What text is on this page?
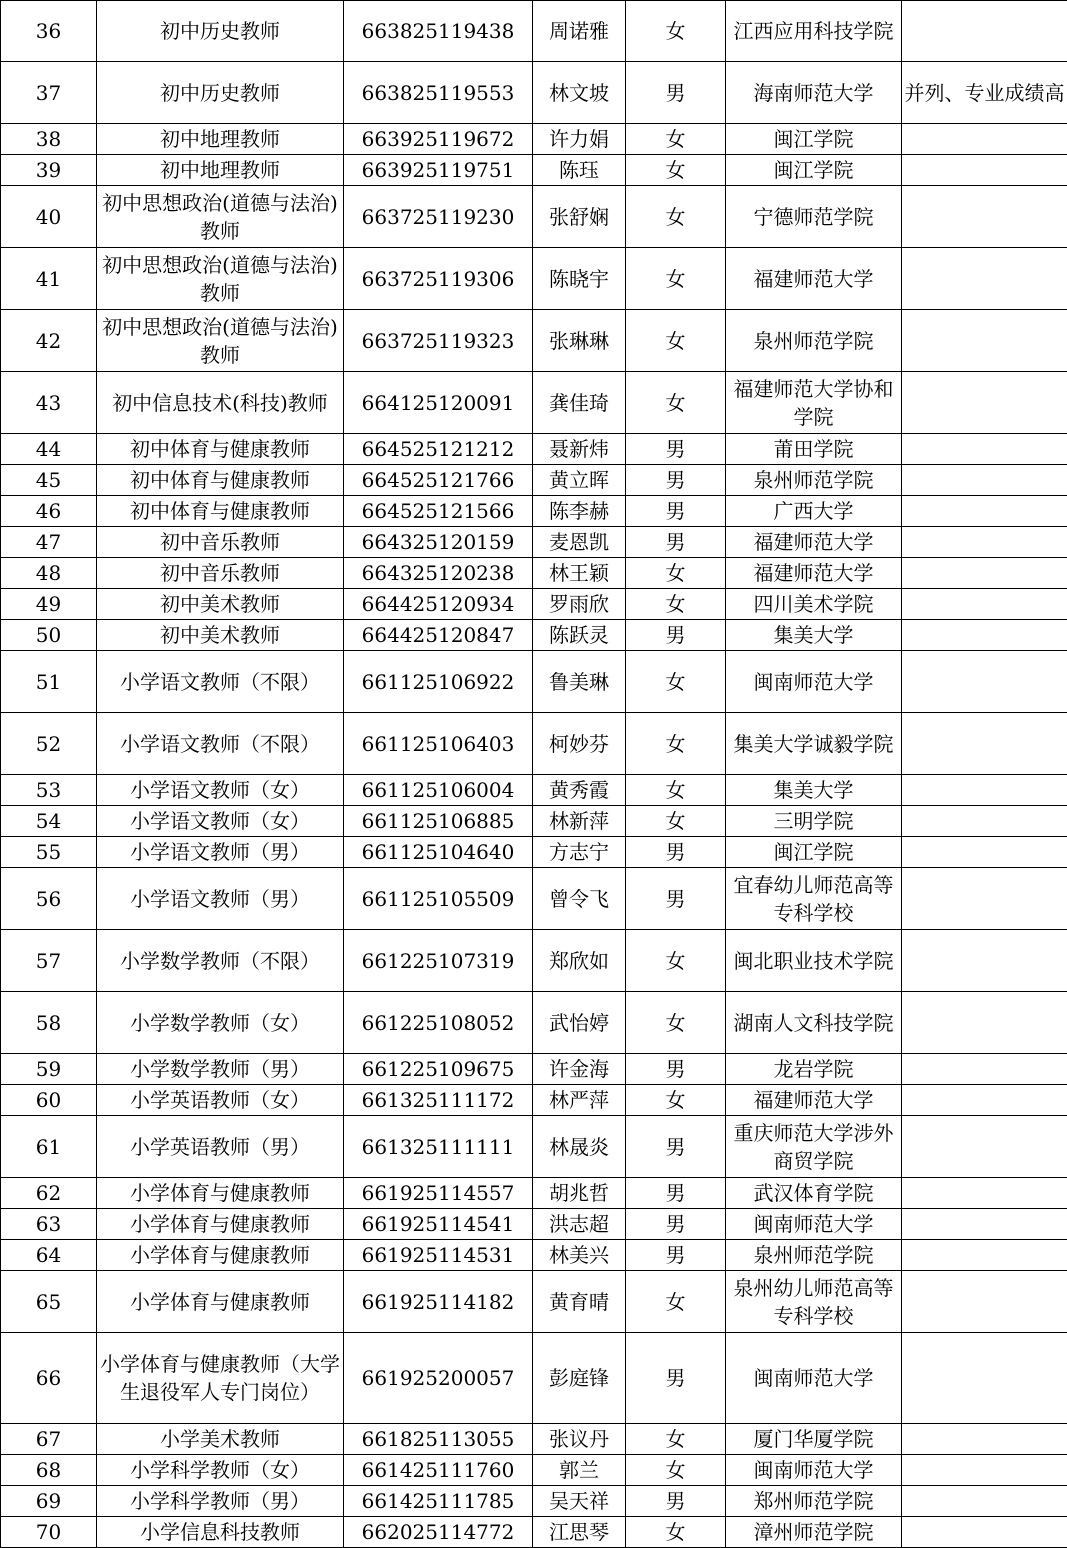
36	初中历史教师	663825119438	周诺雅	女	江西应用科技学院	
37	初中历史教师	663825119553	林文坡	男	海南师范大学	并列、专业成绩高
38	初中地理教师	663925119672	许力娟	女	闽江学院	
39	初中地理教师	663925119751	陈珏	女	闽江学院	
40	初中思想政治(道德与法治)教师	663725119230	张舒娴	女	宁德师范学院	
41	初中思想政治(道德与法治)教师	663725119306	陈晓宇	女	福建师范大学	
42	初中思想政治(道德与法治)教师	663725119323	张琳琳	女	泉州师范学院	
43	初中信息技术(科技)教师	664125120091	龚佳琦	女	福建师范大学协和学院	
44	初中体育与健康教师	664525121212	聂新炜	男	莆田学院	
45	初中体育与健康教师	664525121766	黄立晖	男	泉州师范学院	
46	初中体育与健康教师	664525121566	陈李赫	男	广西大学	
47	初中音乐教师	664325120159	麦恩凯	男	福建师范大学	
48	初中音乐教师	664325120238	林王颖	女	福建师范大学	
49	初中美术教师	664425120934	罗雨欣	女	四川美术学院	
50	初中美术教师	664425120847	陈跃灵	男	集美大学	
51	小学语文教师（不限）	661125106922	鲁美琳	女	闽南师范大学	
52	小学语文教师（不限）	661125106403	柯妙芬	女	集美大学诚毅学院	
53	小学语文教师（女）	661125106004	黄秀霞	女	集美大学	
54	小学语文教师（女）	661125106885	林新萍	女	三明学院	
55	小学语文教师（男）	661125104640	方志宁	男	闽江学院	
56	小学语文教师（男）	661125105509	曾令飞	男	宜春幼儿师范高等专科学校	
57	小学数学教师（不限）	661225107319	郑欣如	女	闽北职业技术学院	
58	小学数学教师（女）	661225108052	武怡婷	女	湖南人文科技学院	
59	小学数学教师（男）	661225109675	许金海	男	龙岩学院	
60	小学英语教师（女）	661325111172	林严萍	女	福建师范大学	
61	小学英语教师（男）	661325111111	林晟炎	男	重庆师范大学涉外商贸学院	
62	小学体育与健康教师	661925114557	胡兆哲	男	武汉体育学院	
63	小学体育与健康教师	661925114541	洪志超	男	闽南师范大学	
64	小学体育与健康教师	661925114531	林美兴	男	泉州师范学院	
65	小学体育与健康教师	661925114182	黄育晴	女	泉州幼儿师范高等专科学校	
66	小学体育与健康教师（大学生退役军人专门岗位）	661925200057	彭庭锋	男	闽南师范大学	
67	小学美术教师	661825113055	张议丹	女	厦门华厦学院	
68	小学科学教师（女）	661425111760	郭兰	女	闽南师范大学	
69	小学科学教师（男）	661425111785	吴天祥	男	郑州师范学院	
70	小学信息科技教师	662025114772	江思琴	女	漳州师范学院	
